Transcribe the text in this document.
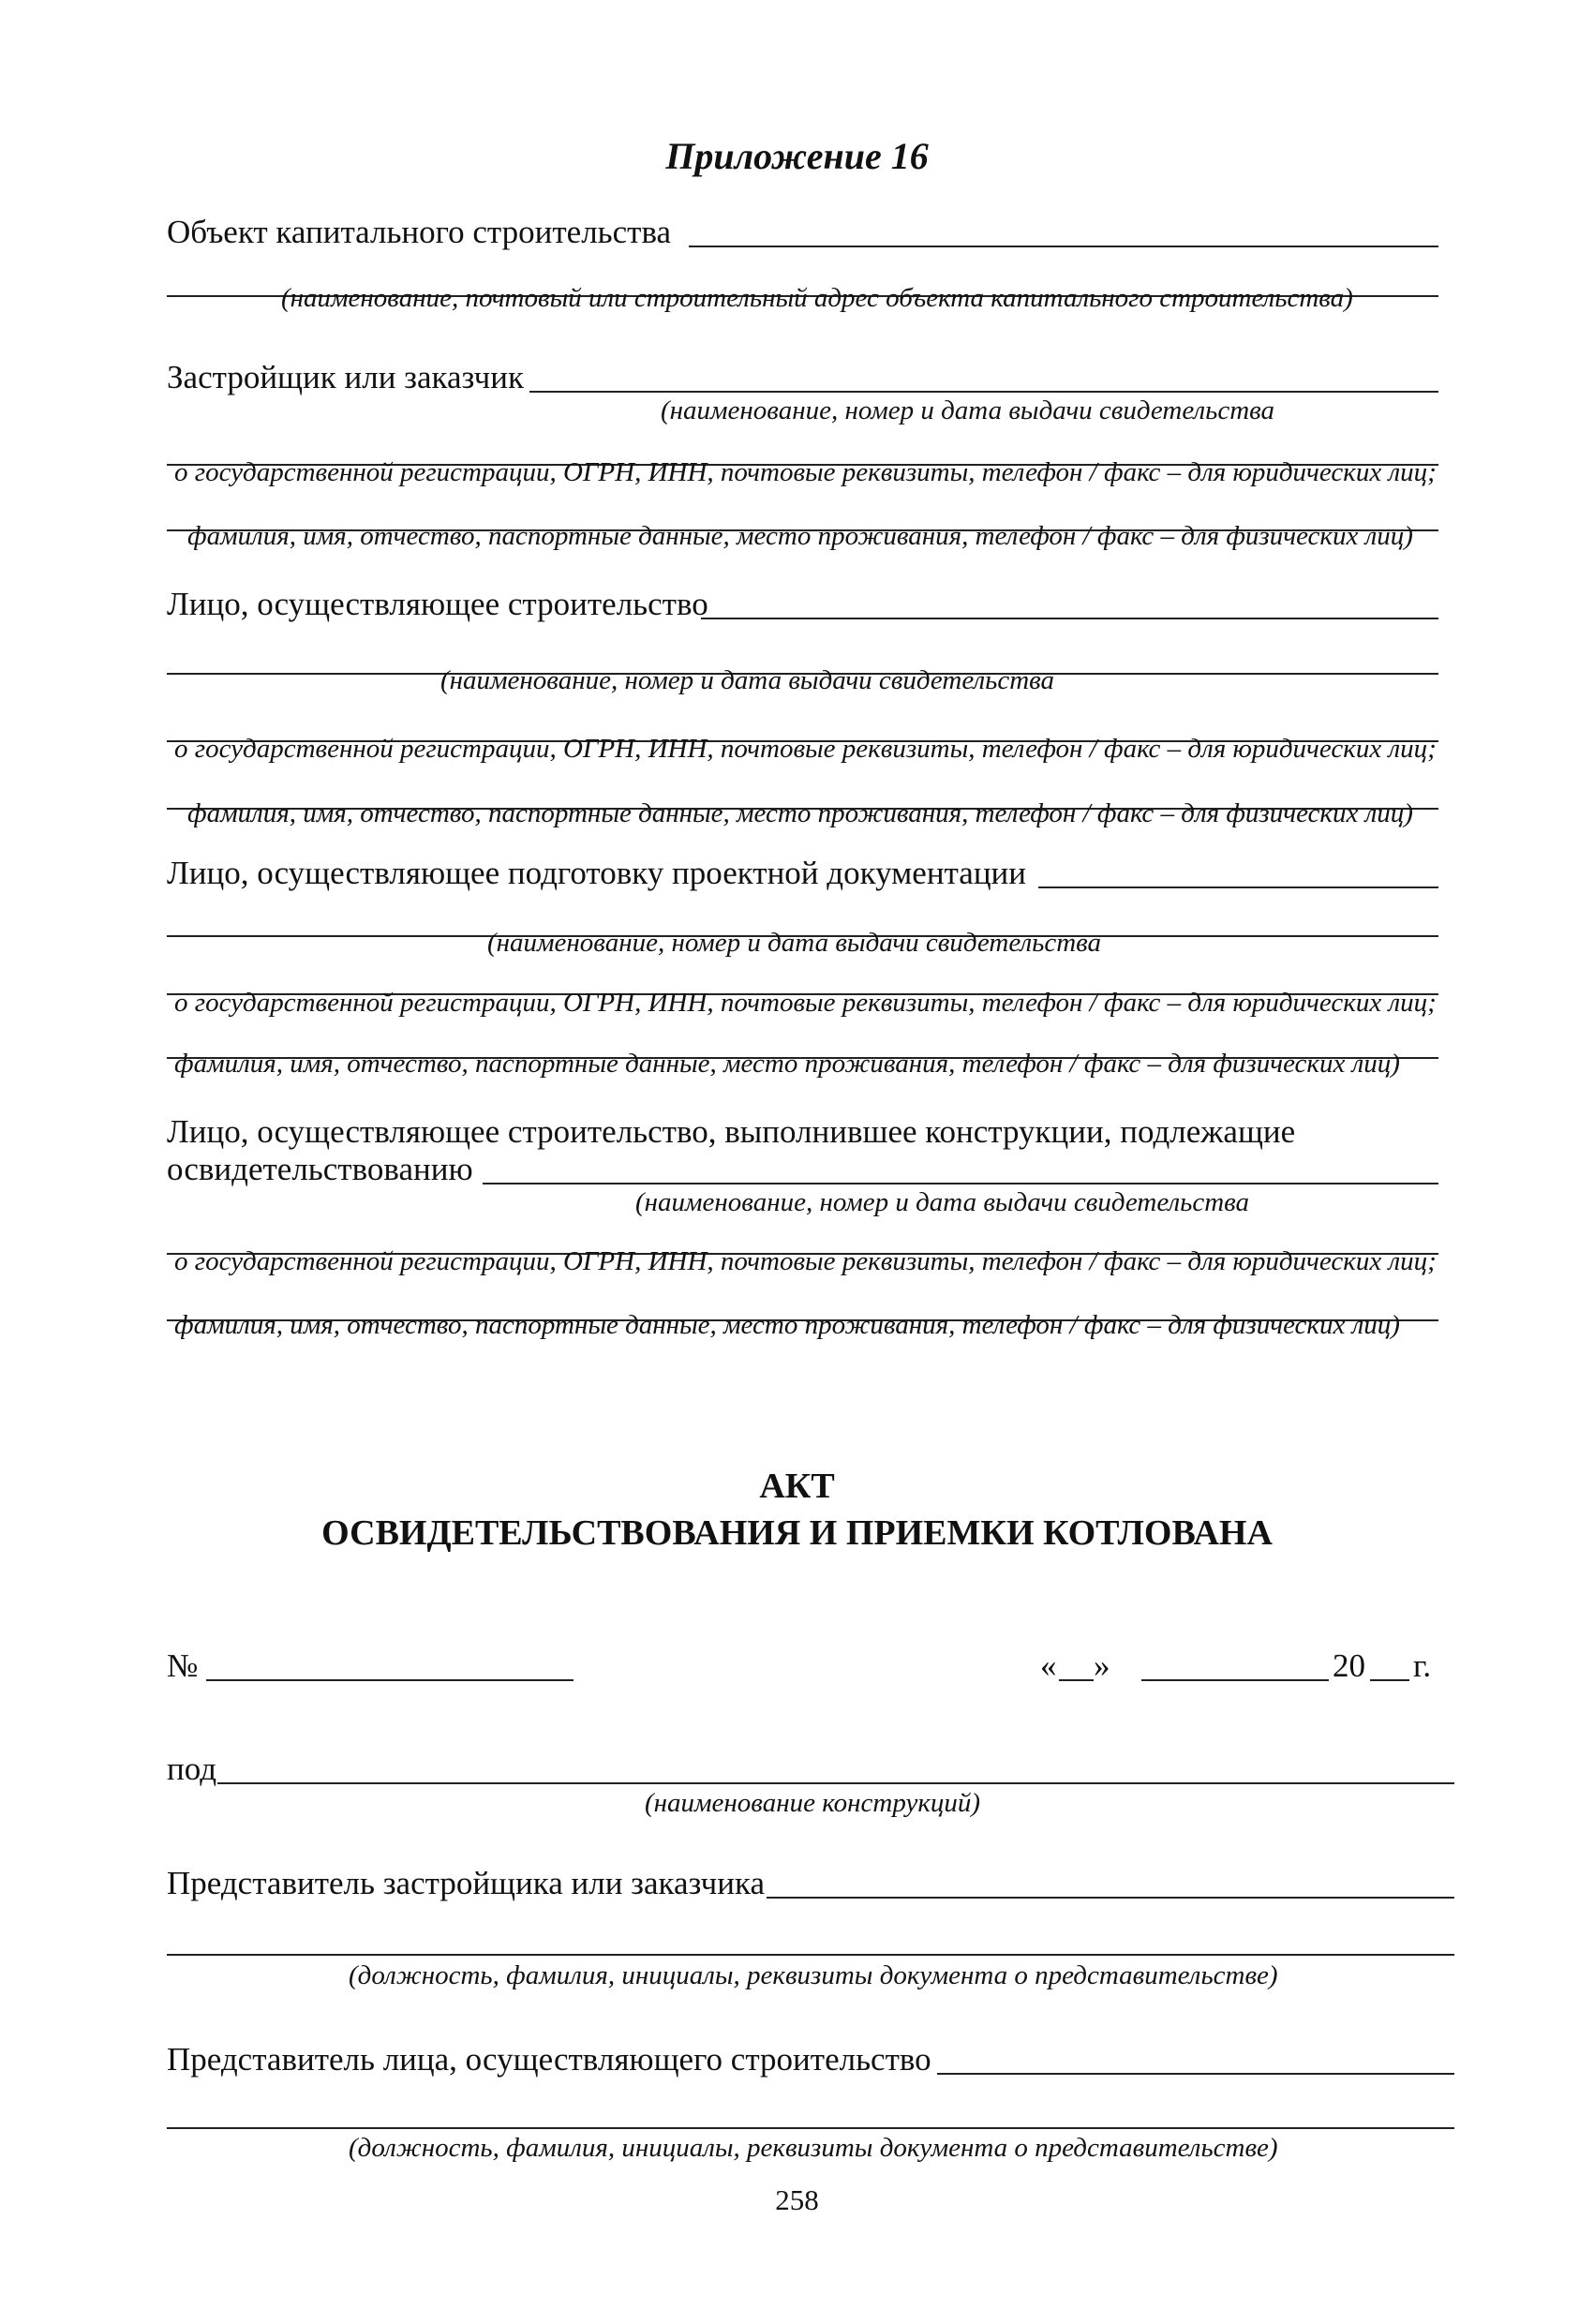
Приложение 16
Объект капитального строительства
(наименование, почтовый или строительный адрес объекта капитального строительства)
Застройщик или заказчик
(наименование, номер и дата выдачи свидетельства
о государственной регистрации, ОГРН, ИНН, почтовые реквизиты, телефон / факс – для юридических лиц;
фамилия, имя, отчество, паспортные данные, место проживания, телефон / факс – для физических лиц)
Лицо, осуществляющее строительство
(наименование, номер и дата выдачи свидетельства
о государственной регистрации, ОГРН, ИНН, почтовые реквизиты, телефон / факс – для юридических лиц;
фамилия, имя, отчество, паспортные данные, место проживания, телефон / факс – для физических лиц)
Лицо, осуществляющее подготовку проектной документации
(наименование, номер и дата выдачи свидетельства
о государственной регистрации, ОГРН, ИНН, почтовые реквизиты, телефон / факс – для юридических лиц;
фамилия, имя, отчество, паспортные данные, место проживания, телефон / факс – для физических лиц)
Лицо, осуществляющее строительство, выполнившее конструкции, подлежащие
освидетельствованию
(наименование, номер и дата выдачи свидетельства
о государственной регистрации, ОГРН, ИНН, почтовые реквизиты, телефон / факс – для юридических лиц;
фамилия, имя, отчество, паспортные данные, место проживания, телефон / факс – для физических лиц)
АКТ
ОСВИДЕТЕЛЬСТВОВАНИЯ И ПРИЕМКИ КОТЛОВАНА
№	« »	20 г.
под
(наименование конструкций)
Представитель застройщика или заказчика
(должность, фамилия, инициалы, реквизиты документа о представительстве)
Представитель лица, осуществляющего строительство
(должность, фамилия, инициалы, реквизиты документа о представительстве)
258
